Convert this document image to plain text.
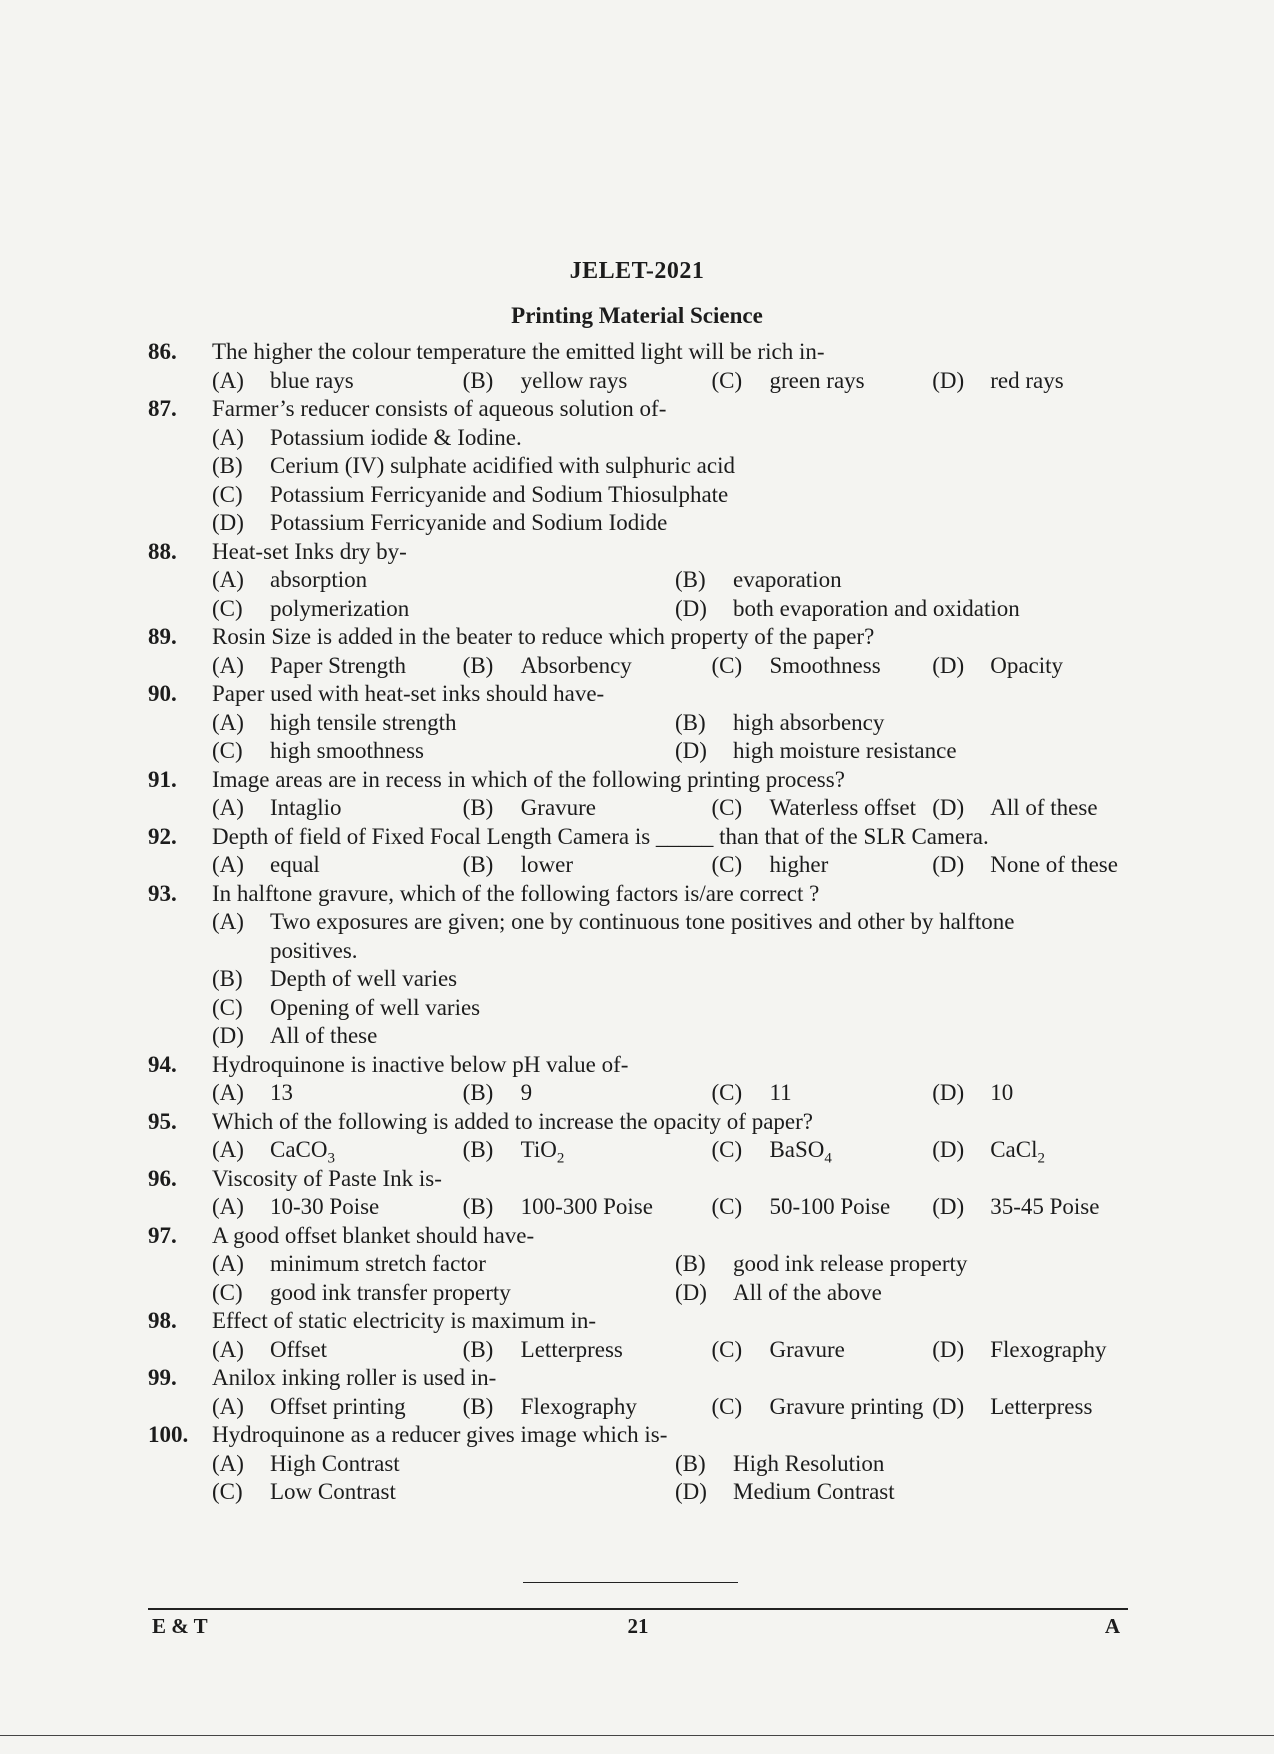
JELET-2021
Printing Material Science
86.	The higher the colour temperature the emitted light will be rich in-
(A)	blue rays	(B)	yellow rays	(C)	green rays	(D)	red rays
87.	Farmer’s reducer consists of aqueous solution of-
(A)	Potassium iodide & Iodine.
(B)	Cerium (IV) sulphate acidified with sulphuric acid
(C)	Potassium Ferricyanide and Sodium Thiosulphate
(D)	Potassium Ferricyanide and Sodium Iodide
88.	Heat-set Inks dry by-
(A)	absorption	(B)	evaporation
(C)	polymerization	(D)	both evaporation and oxidation
89.	Rosin Size is added in the beater to reduce which property of the paper?
(A)	Paper Strength (B)	Absorbency	(C)	Smoothness (D)	Opacity
90.	Paper used with heat-set inks should have-
(A)	high tensile strength	(B)	high absorbency
(C)	high smoothness	(D)	high moisture resistance
91.	Image areas are in recess in which of the following printing process?
(A)	Intaglio	(B)	Gravure	(C)	Waterless offset (D)	All of these
92.	Depth of field of Fixed Focal Length Camera is _____ than that of the SLR Camera.
(A)	equal	(B)	lower	(C)	higher	(D)	None of these
93.	In halftone gravure, which of the following factors is/are correct ?
(A)	Two exposures are given; one by continuous tone positives and other by halftone
positives.
(B)	Depth of well varies
(C)	Opening of well varies
(D)	All of these
94.	Hydroquinone is inactive below pH value of-
(A)	13	(B)	9	(C)	11	(D)	10
95.	Which of the following is added to increase the opacity of paper?
(A)	CaCO$_3$	(B)	TiO$_2$	(C)	BaSO$_4$	(D)	CaCl$_2$
96.	Viscosity of Paste Ink is-
(A)	10-30 Poise	(B)	100-300 Poise	(C)	50-100 Poise (D)	35-45 Poise
97.	A good offset blanket should have-
(A)	minimum stretch factor	(B)	good ink release property
(C)	good ink transfer property	(D)	All of the above
98.	Effect of static electricity is maximum in-
(A)	Offset	(B)	Letterpress	(C)	Gravure	(D)	Flexography
99.	Anilox inking roller is used in-
(A)	Offset printing (B)	Flexography	(C)	Gravure printing (D)	Letterpress
100.	Hydroquinone as a reducer gives image which is-
(A)	High Contrast	(B)	High Resolution
(C)	Low Contrast	(D)	Medium Contrast
E & T	21	A
